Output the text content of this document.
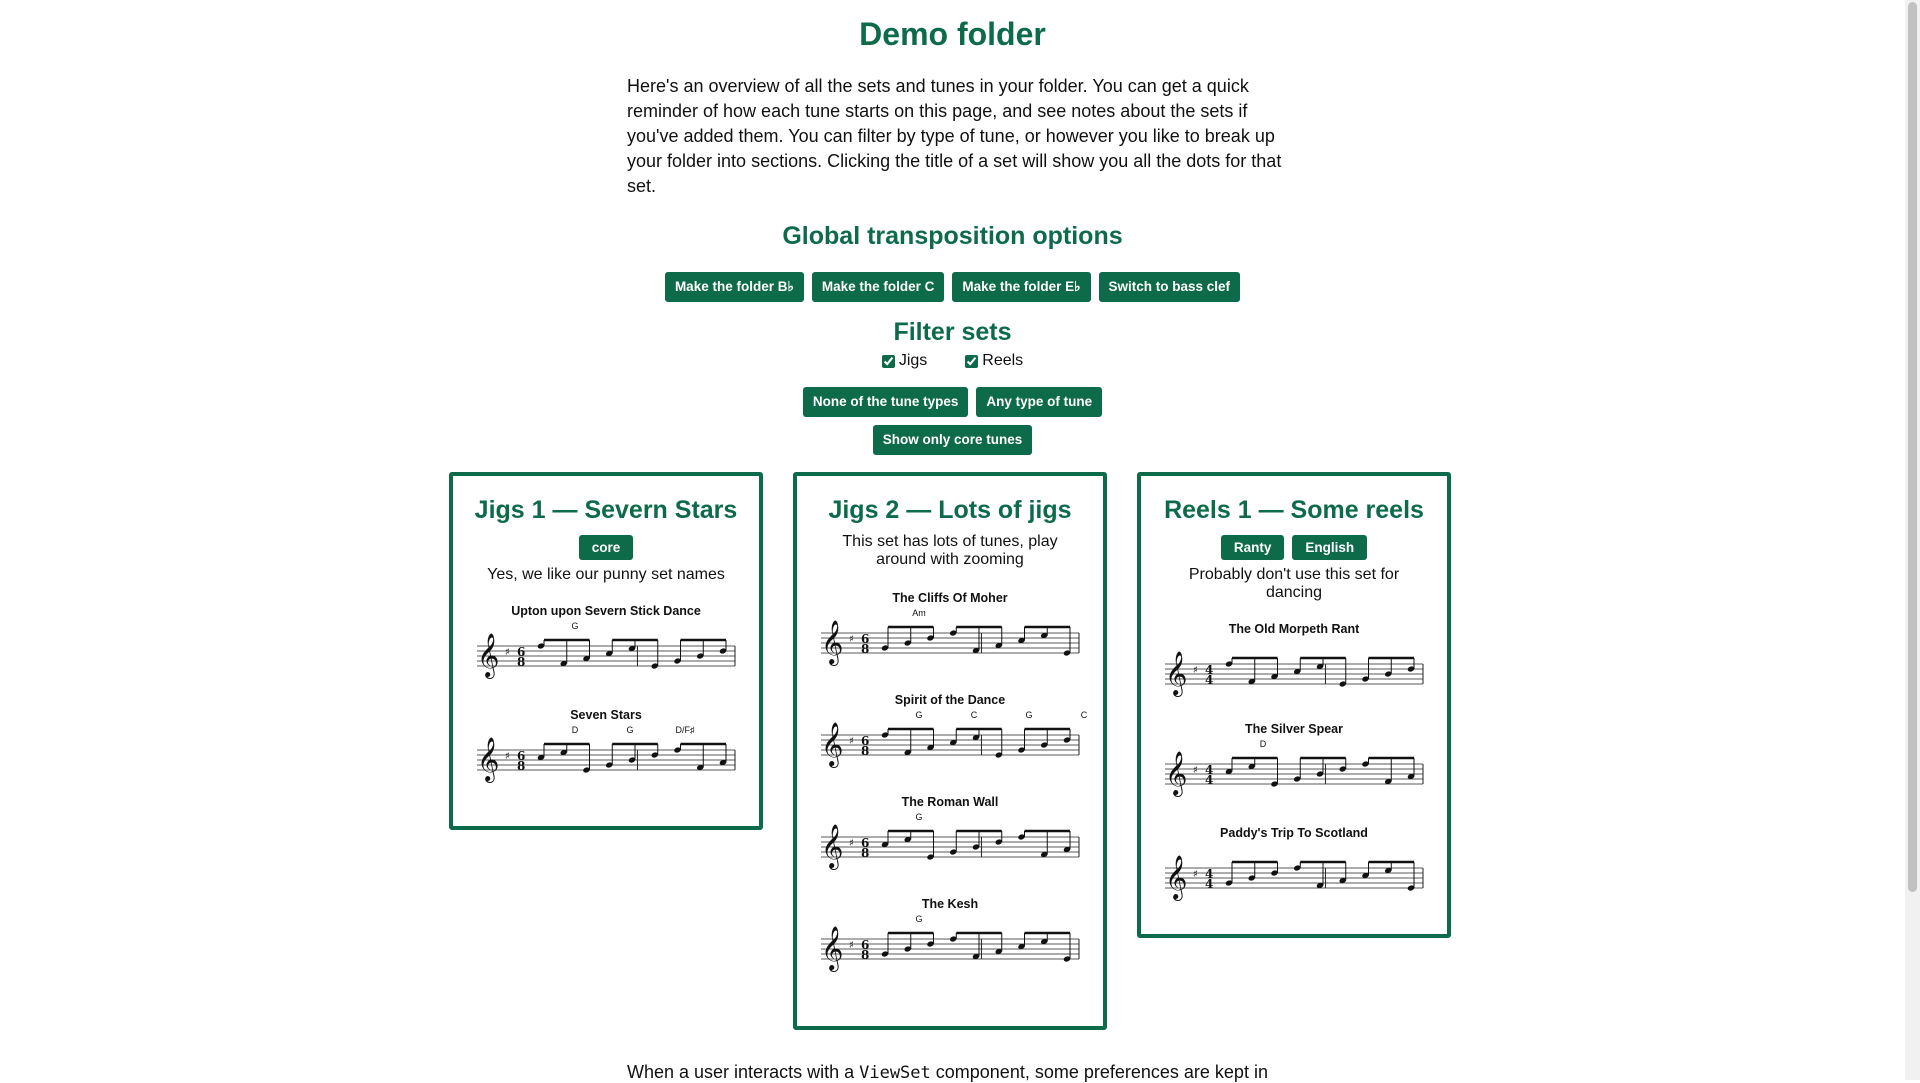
Demo folder

Here's an overview of all the sets and tunes in your folder. You can get a quick reminder of how each tune starts on this page, and see notes about the sets if you've added them. You can filter by type of tune, or however you like to break up your folder into sections. Clicking the title of a set will show you all the dots for that set.

Global transposition options
Make the folder B♭	Make the folder C	Make the folder E♭	Switch to bass clef
Filter sets
Jigs	Reels
None of the tune types	Any type of tune
Show only core tunes
Jigs 1 — Severn Stars
core
Yes, we like our punny set names
Upton upon Severn Stick Dance
𝄞 ♯ 6
8
G
Seven Stars
𝄞 ♯ 6
8
D	G	D/F♯
Jigs 2 — Lots of jigs
This set has lots of tunes, play around with zooming
The Cliffs Of Moher
𝄞 ♯ 6
8
Am
Spirit of the Dance
𝄞 ♯ 6
8
G	C	G	C
The Roman Wall
𝄞 ♯ 6
8
G
The Kesh
𝄞 ♯ 6
8
G
Reels 1 — Some reels
Ranty	English
Probably don't use this set for dancing
The Old Morpeth Rant
𝄞 ♯ 4
4
The Silver Spear
𝄞 ♯ 4
4
D
Paddy's Trip To Scotland
𝄞 ♯ 4
4
When a user interacts with a ViewSet component, some preferences are kept in
